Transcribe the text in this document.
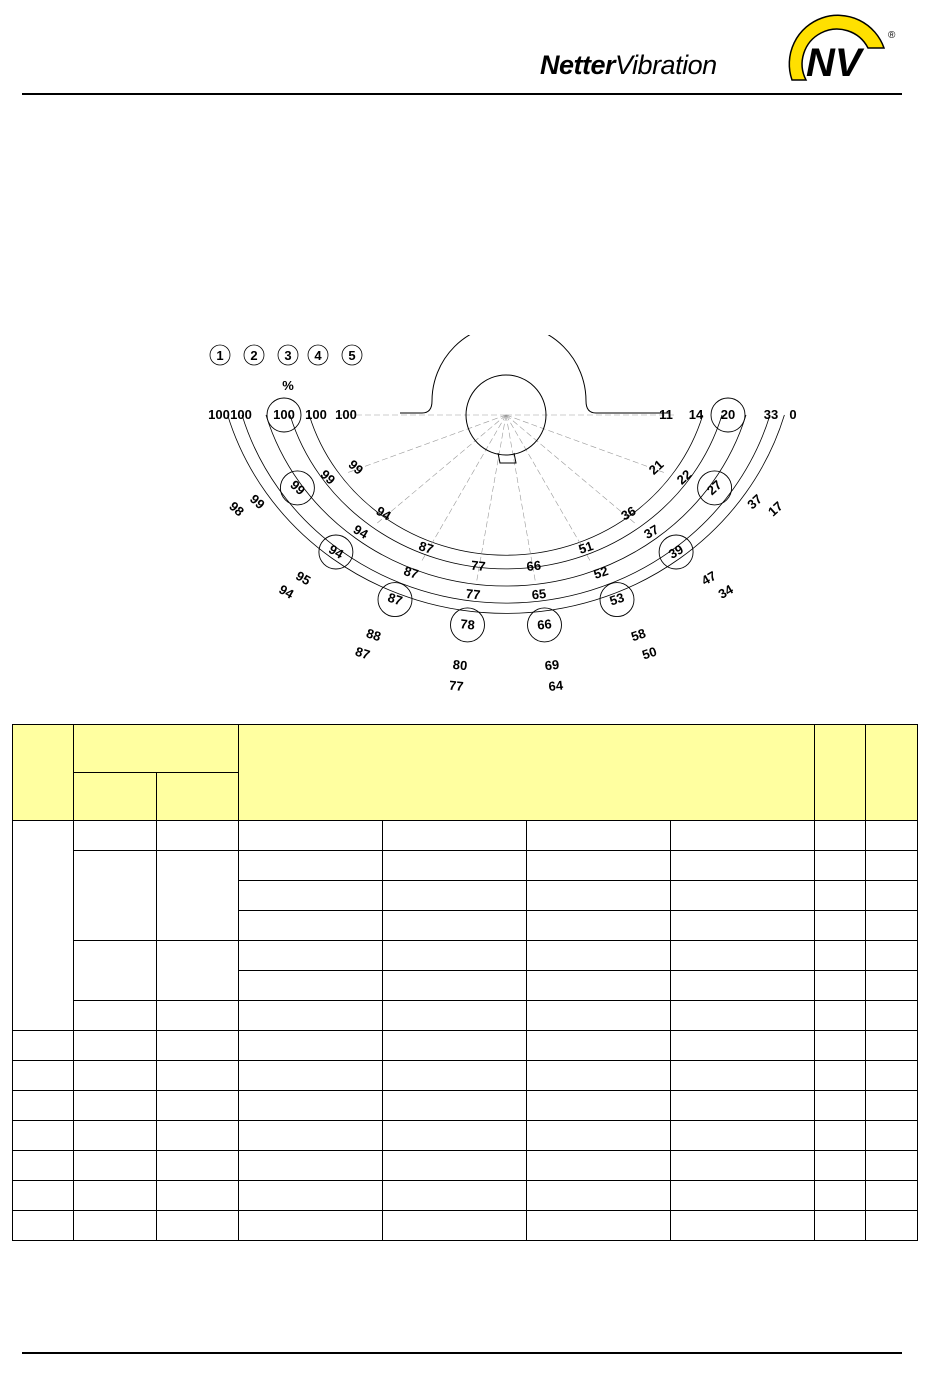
NetterVibration NV
®
1 2 3 4 5
100 100 100 100 100
98 99
99
99 99
94
95
94
94
94
87
88
87
87
87
77
80
78
77
77
64
69
66
65
66
50
58
53
52
51
34
47
39
37
36	17
37
27
22
21
0
33
20
14
11
%
